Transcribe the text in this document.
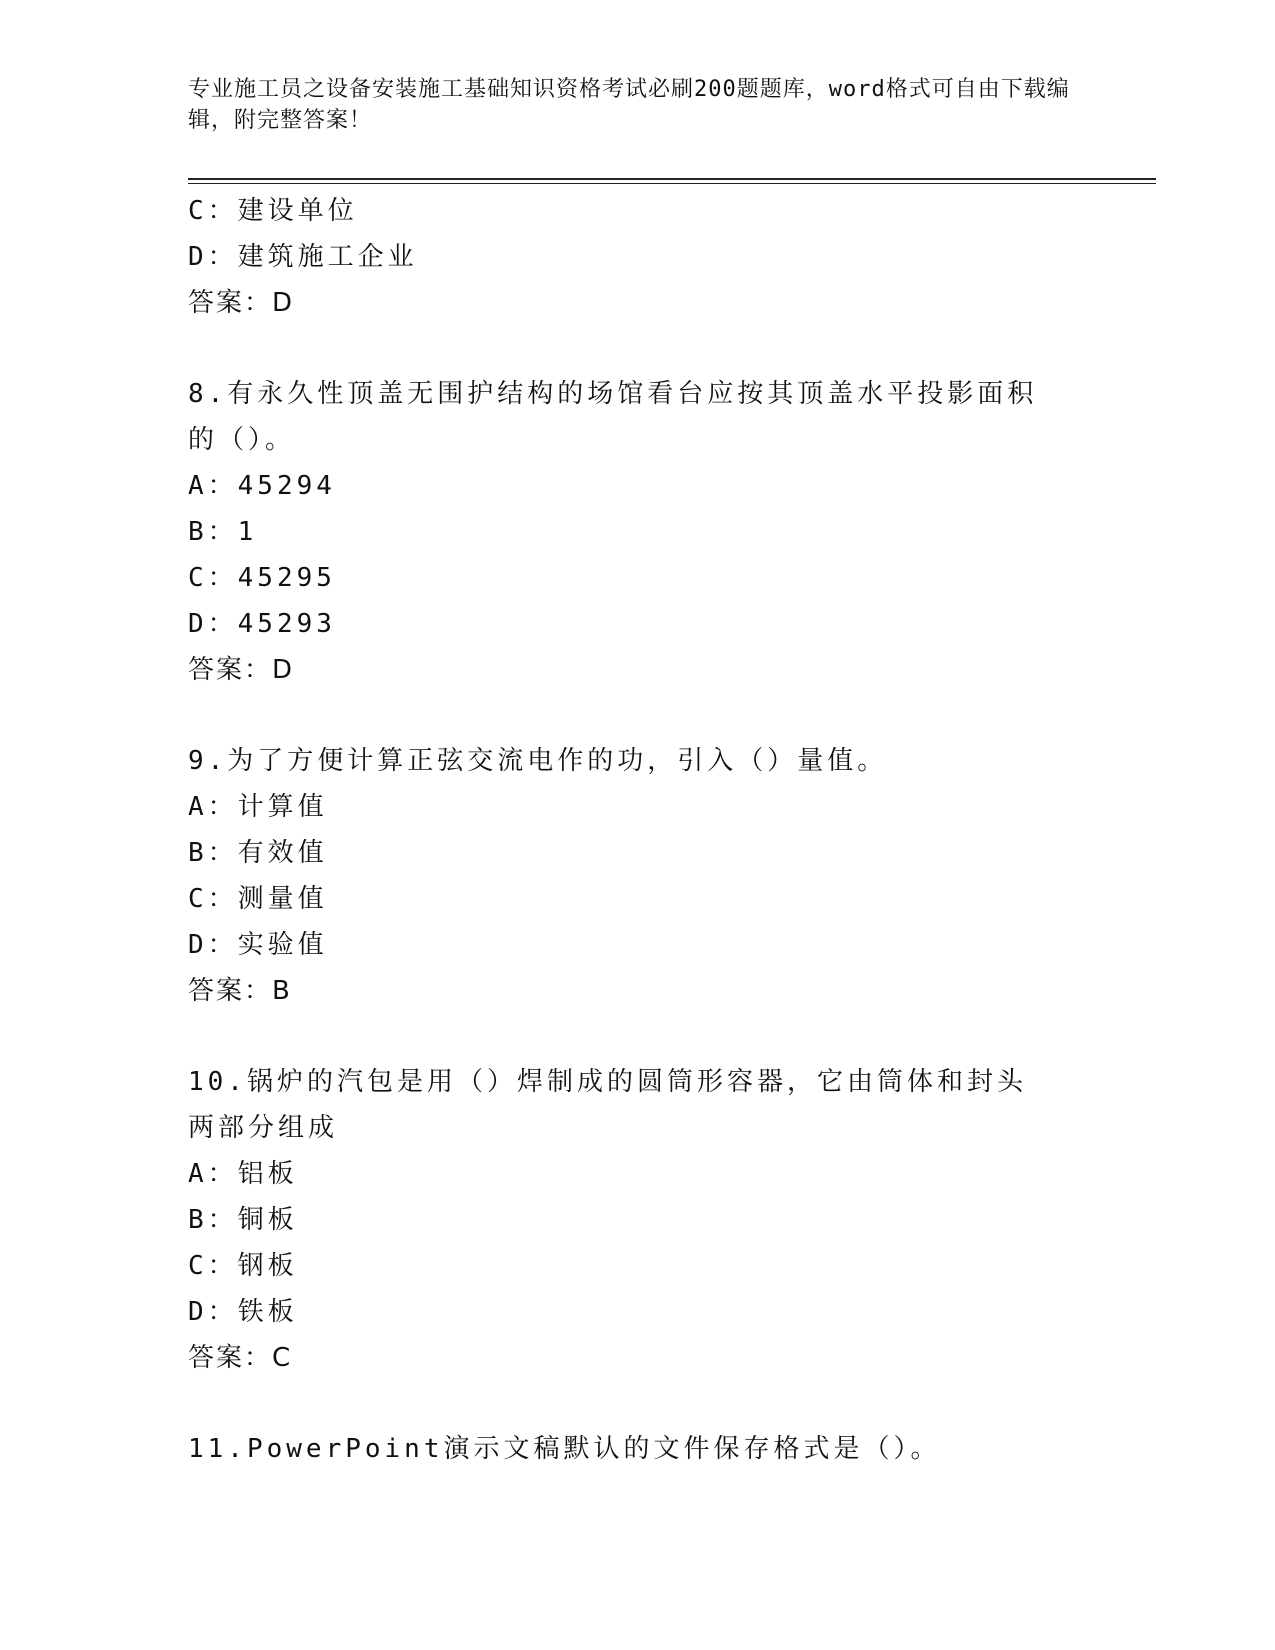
专业施工员之设备安装施工基础知识资格考试必刷200题题库，word格式可自由下载编辑，附完整答案！
C：建设单位
D：建筑施工企业
答案：D
8.有永久性顶盖无围护结构的场馆看台应按其顶盖水平投影面积的（）。
A：45294
B：1
C：45295
D：45293
答案：D
9.为了方便计算正弦交流电作的功，引入（）量值。
A：计算值
B：有效值
C：测量值
D：实验值
答案：B
10.锅炉的汽包是用（）焊制成的圆筒形容器，它由筒体和封头两部分组成
A：铝板
B：铜板
C：钢板
D：铁板
答案：C
11.PowerPoint演示文稿默认的文件保存格式是（）。
